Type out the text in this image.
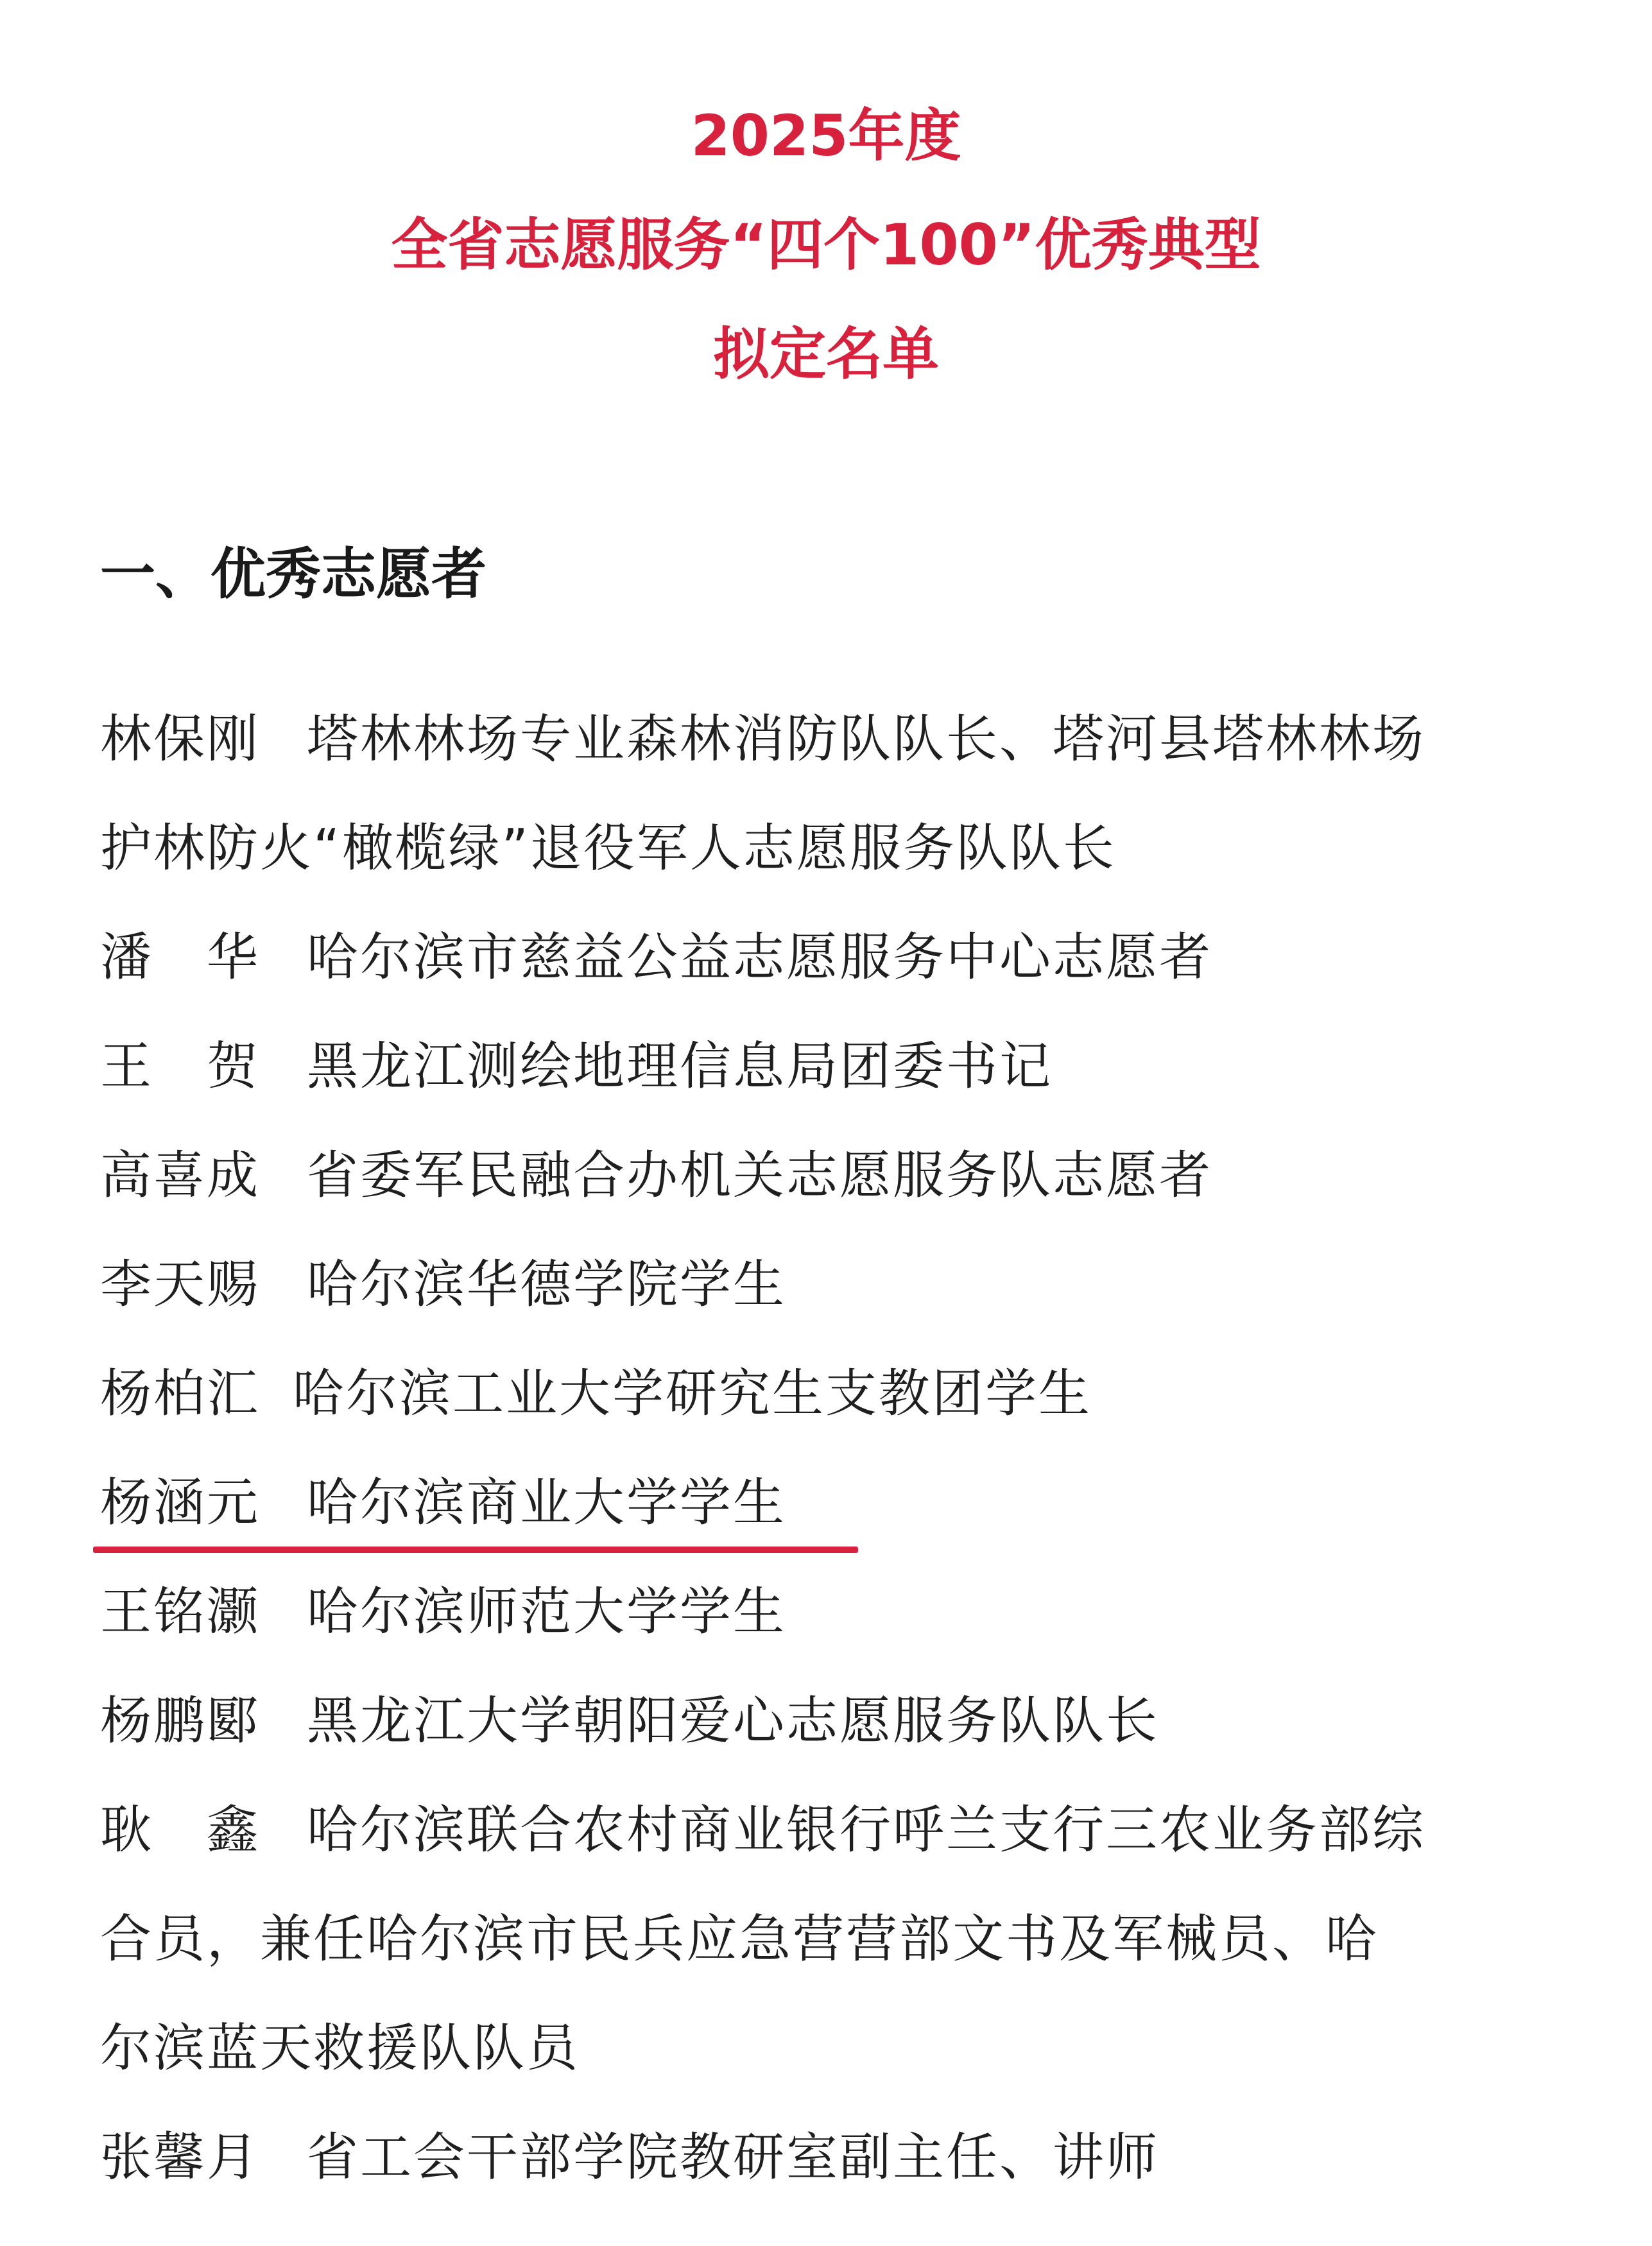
2025年度
全省志愿服务“四个100”优秀典型
拟定名单
一、优秀志愿者
林保刚 塔林林场专业森林消防队队长、塔河县塔林林场
护林防火“橄榄绿”退役军人志愿服务队队长
潘　华 哈尔滨市慈益公益志愿服务中心志愿者
王　贺 黑龙江测绘地理信息局团委书记
高喜成 省委军民融合办机关志愿服务队志愿者
李天赐 哈尔滨华德学院学生
杨柏汇 哈尔滨工业大学研究生支教团学生
杨涵元 哈尔滨商业大学学生
王铭灏 哈尔滨师范大学学生
杨鹏郾 黑龙江大学朝阳爱心志愿服务队队长
耿　鑫 哈尔滨联合农村商业银行呼兰支行三农业务部综
合员，兼任哈尔滨市民兵应急营营部文书及军械员、哈
尔滨蓝天救援队队员
张馨月 省工会干部学院教研室副主任、讲师
